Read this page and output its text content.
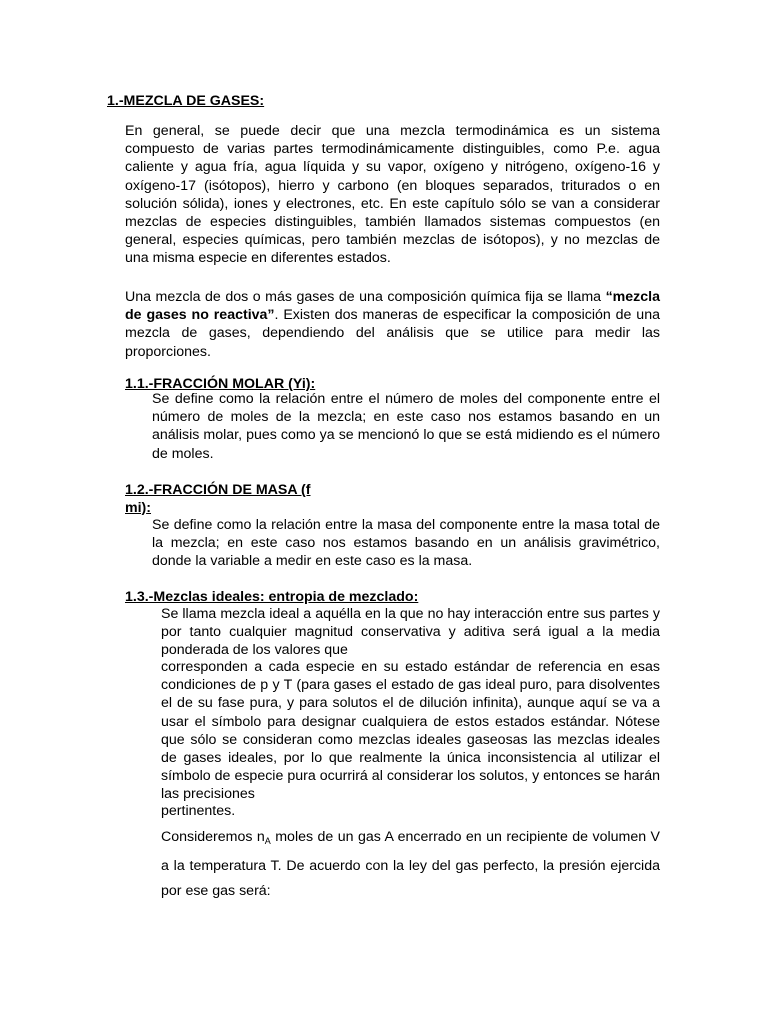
1.-MEZCLA DE GASES:

En general, se puede decir que una mezcla termodinámica es un sistema compuesto de varias partes termodinámicamente distinguibles, como P.e. agua caliente y agua fría, agua líquida y su vapor, oxígeno y nitrógeno, oxígeno-16 y oxígeno-17 (isótopos), hierro y carbono (en bloques separados, triturados o en solución sólida), iones y electrones, etc. En este capítulo sólo se van a considerar mezclas de especies distinguibles, también llamados sistemas compuestos (en general, especies químicas, pero también mezclas de isótopos), y no mezclas de una misma especie en diferentes estados.

Una mezcla de dos o más gases de una composición química fija se llama “mezcla de gases no reactiva”. Existen dos maneras de especificar la composición de una mezcla de gases, dependiendo del análisis que se utilice para medir las proporciones.

1.1.-FRACCIÓN MOLAR (Yi):

Se define como la relación entre el número de moles del componente entre el número de moles de la mezcla; en este caso nos estamos basando en un análisis molar, pues como ya se mencionó lo que se está midiendo es el número de moles.

1.2.-FRACCIÓN DE MASA (f
mi):

Se define como la relación entre la masa del componente entre la masa total de la mezcla; en este caso nos estamos basando en un análisis gravimétrico, donde la variable a medir en este caso es la masa.

1.3.-Mezclas ideales: entropia de mezclado:

Se llama mezcla ideal a aquélla en la que no hay interacción entre sus partes y por tanto cualquier magnitud conservativa y aditiva será igual a la media ponderada de los valores que

corresponden a cada especie en su estado estándar de referencia en esas condiciones de p y T (para gases el estado de gas ideal puro, para disolventes el de su fase pura, y para solutos el de dilución infinita), aunque aquí se va a usar el símbolo para designar cualquiera de estos estados estándar. Nótese que sólo se consideran como mezclas ideales gaseosas las mezclas ideales de gases ideales, por lo que realmente la única inconsistencia al utilizar el símbolo de especie pura ocurrirá al considerar los solutos, y entonces se harán las precisiones

pertinentes.

Consideremos $n_A$ moles de un gas A encerrado en un recipiente de volumen V a la temperatura T. De acuerdo con la ley del gas perfecto, la presión ejercida por ese gas será:
